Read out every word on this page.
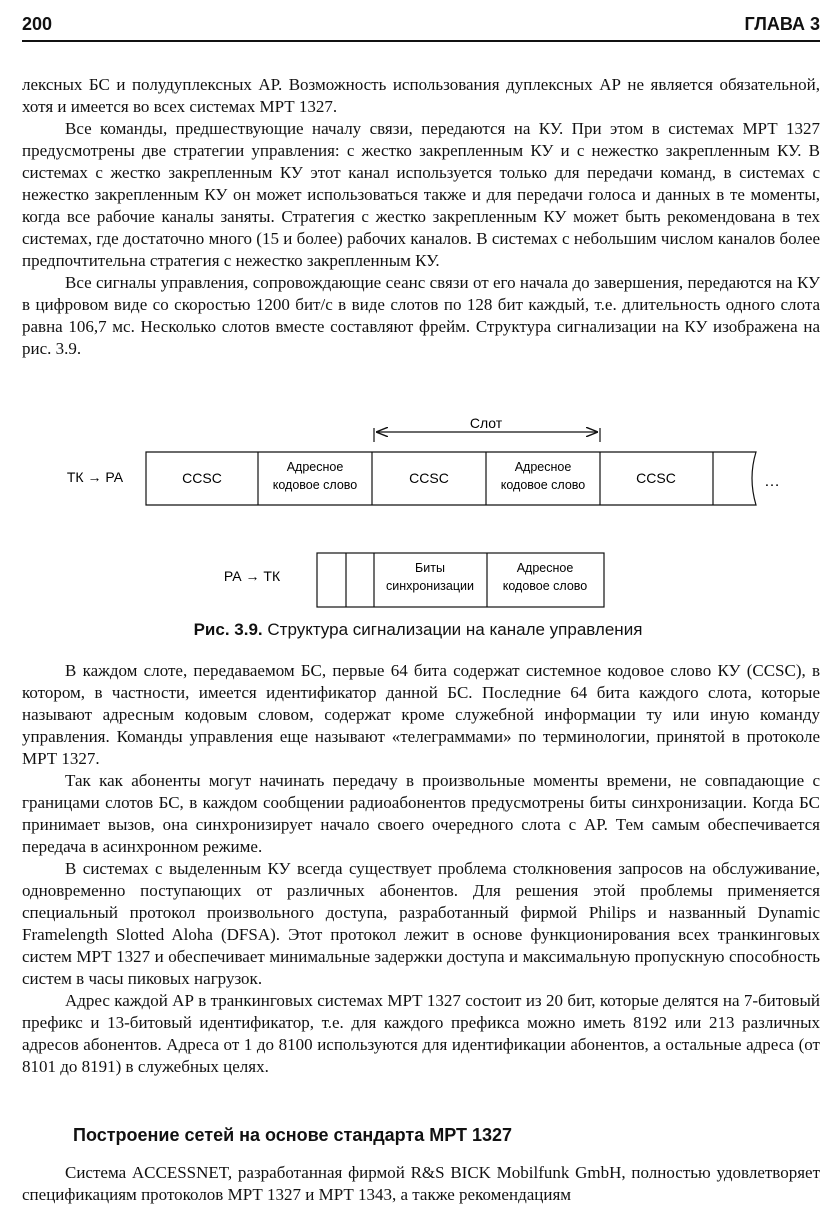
200	ГЛАВА 3

лексных БС и полудуплексных АР. Возможность использования дуплексных АР не является обязательной, хотя и имеется во всех системах МРТ 1327.

Все команды, предшествующие началу связи, передаются на КУ. При этом в системах МРТ 1327 предусмотрены две стратегии управления: с жестко закрепленным КУ и с нежестко закрепленным КУ. В системах с жестко закрепленным КУ этот канал используется только для передачи команд, в системах с нежестко закрепленным КУ он может использоваться также и для передачи голоса и данных в те моменты, когда все рабочие каналы заняты. Стратегия с жестко закрепленным КУ может быть рекомендована в тех системах, где достаточно много (15 и более) рабочих каналов. В системах с небольшим числом каналов более предпочтительна стратегия с нежестко закрепленным КУ.

Все сигналы управления, сопровождающие сеанс связи от его начала до завершения, передаются на КУ в цифровом виде со скоростью 1200 бит/с в виде слотов по 128 бит каждый, т.е. длительность одного слота равна 106,7 мс. Несколько слотов вместе составляют фрейм. Структура сигнализации на КУ изображена на рис. 3.9.

Слот
ТК → РА	CCSC
Адресное
кодовое слово	CCSC
Адресное
кодовое слово	CCSC	…
РА → ТК	Биты
синхронизации
Адресное
кодовое слово
Рис. 3.9. Структура сигнализации на канале управления

В каждом слоте, передаваемом БС, первые 64 бита содержат системное кодовое слово КУ (CCSC), в котором, в частности, имеется идентификатор данной БС. Последние 64 бита каждого слота, которые называют адресным кодовым словом, содержат кроме служебной информации ту или иную команду управления. Команды управления еще называют «телеграммами» по терминологии, принятой в протоколе МРТ 1327.

Так как абоненты могут начинать передачу в произвольные моменты времени, не совпадающие с границами слотов БС, в каждом сообщении радиоабонентов предусмотрены биты синхронизации. Когда БС принимает вызов, она синхронизирует начало своего очередного слота с АР. Тем самым обеспечивается передача в асинхронном режиме.

В системах с выделенным КУ всегда существует проблема столкновения запросов на обслуживание, одновременно поступающих от различных абонентов. Для решения этой проблемы применяется специальный протокол произвольного доступа, разработанный фирмой Philips и названный Dynamic Framelength Slotted Aloha (DFSA). Этот протокол лежит в основе функционирования всех транкинговых систем МРТ 1327 и обеспечивает минимальные задержки доступа и максимальную пропускную способность систем в часы пиковых нагрузок.

Адрес каждой АР в транкинговых системах МРТ 1327 состоит из 20 бит, которые делятся на 7-битовый префикс и 13-битовый идентификатор, т.е. для каждого префикса можно иметь 8192 или 213 различных адресов абонентов. Адреса от 1 до 8100 используются для идентификации абонентов, а остальные адреса (от 8101 до 8191) в служебных целях.

Построение сетей на основе стандарта МРТ 1327

Система ACCESSNET, разработанная фирмой R&S BICK Mobilfunk GmbH, полностью удовлетворяет спецификациям протоколов МРТ 1327 и МРТ 1343, а также рекомендациям
